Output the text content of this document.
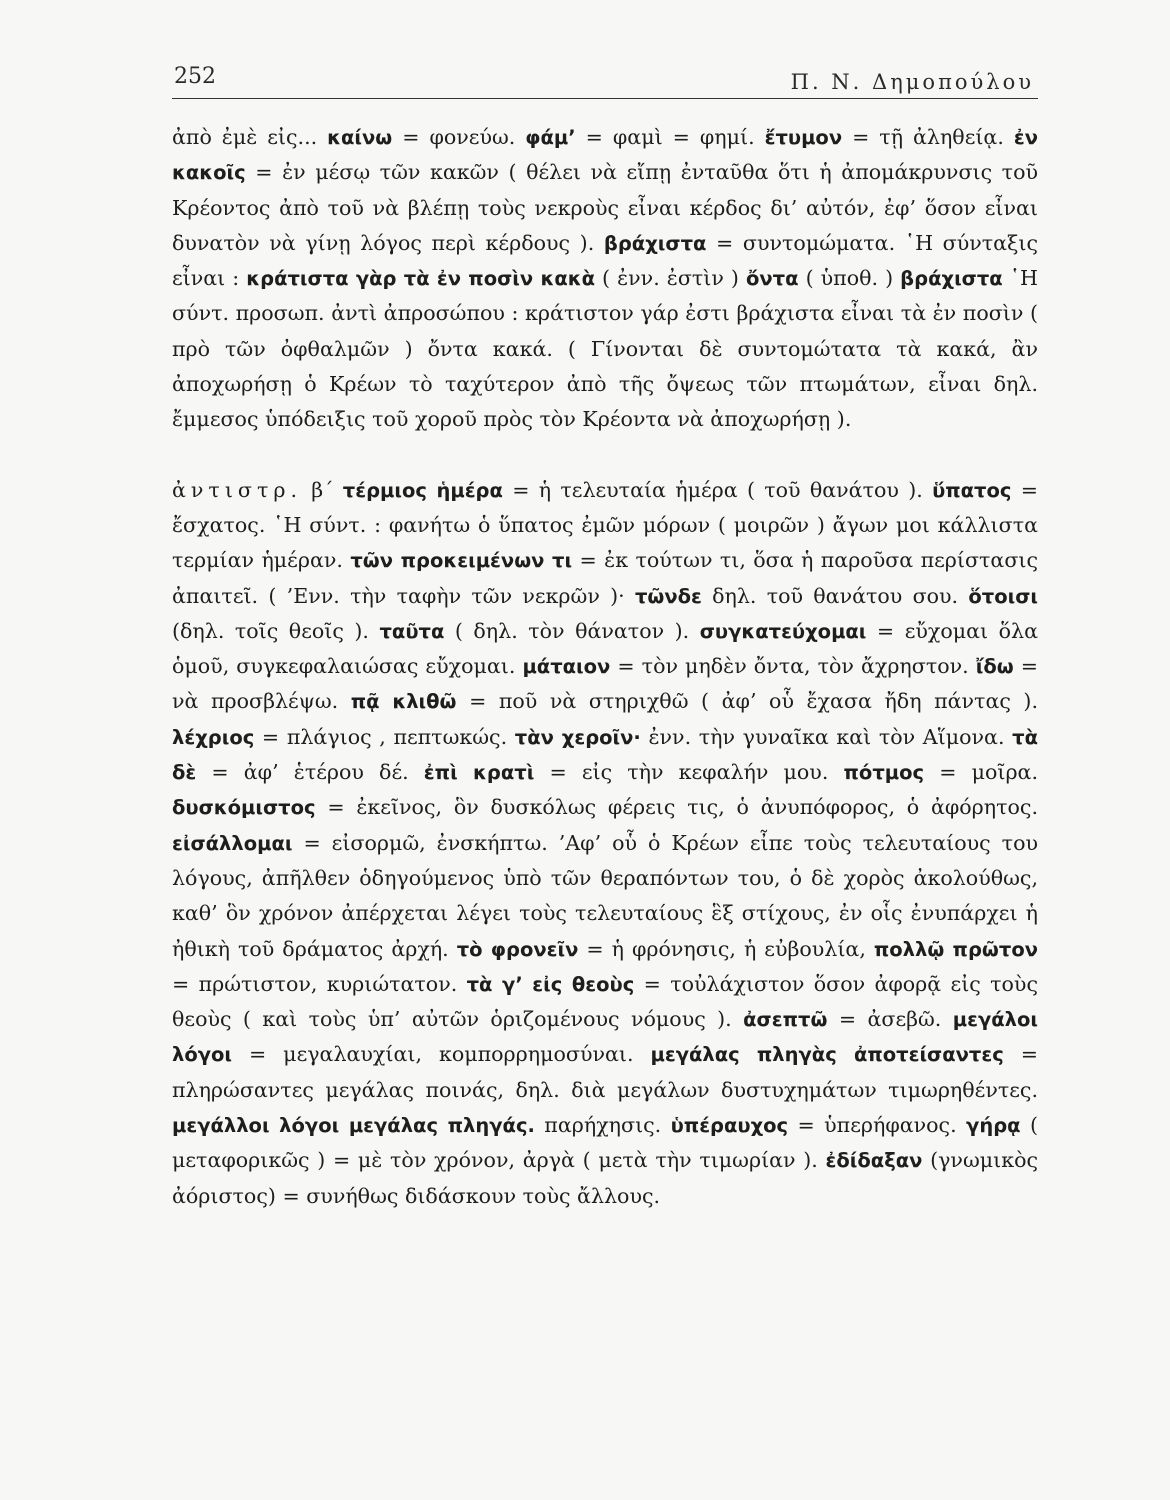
252	Π. Ν. Δημοπούλου

ἀπὸ ἐμὲ εἰς... καίνω = φονεύω. φάμ’ = φαμὶ = φημί. ἔτυμον = τῇ ἀληθείᾳ. ἐν κακοῖς = ἐν μέσῳ τῶν κακῶν ( θέλει νὰ εἴπῃ ἐνταῦθα ὅτι ἡ ἀπομάκρυνσις τοῦ Κρέοντος ἀπὸ τοῦ νὰ βλέπῃ τοὺς νεκροὺς εἶναι κέρδος δι’ αὐτόν, ἐφ’ ὅσον εἶναι δυνατὸν νὰ γίνῃ λόγος περὶ κέρδους ). βράχιστα = συντομώματα. ῾Η σύνταξις εἶναι : κράτιστα γὰρ τὰ ἐν ποσὶν κακὰ ( ἐνν. ἐστὶν ) ὄντα ( ὑποθ. ) βράχιστα ῾Η σύντ. προσωπ. ἀντὶ ἀπροσώπου : κράτιστον γάρ ἐστι βράχιστα εἶναι τὰ ἐν ποσὶν ( πρὸ τῶν ὀφθαλμῶν ) ὄντα κακά. ( Γίνονται δὲ συντομώτατα τὰ κακά, ἂν ἀποχωρήσῃ ὁ Κρέων τὸ ταχύτερον ἀπὸ τῆς ὄψεως τῶν πτωμάτων, εἶναι δηλ. ἔμμεσος ὑπόδειξις τοῦ χοροῦ πρὸς τὸν Κρέοντα νὰ ἀποχωρήσῃ ).

ἀντιστρ. β΄ τέρμιος ἡμέρα = ἡ τελευταία ἡμέρα ( τοῦ θανάτου ). ὕπατος = ἔσχατος. ῾Η σύντ. : φανήτω ὁ ὕπατος ἐμῶν μόρων ( μοιρῶν ) ἄγων μοι κάλλιστα τερμίαν ἡμέραν. τῶν προκειμένων τι = ἐκ τούτων τι, ὅσα ἡ παροῦσα περίστασις ἀπαιτεῖ. ( ’Ενν. τὴν ταφὴν τῶν νεκρῶν )· τῶνδε δηλ. τοῦ θανάτου σου. ὅτοισι (δηλ. τοῖς θεοῖς ). ταῦτα ( δηλ. τὸν θάνατον ). συγκατεύχομαι = εὔχομαι ὅλα ὁμοῦ, συγκεφαλαιώσας εὔχομαι. μάταιον = τὸν μηδὲν ὄντα, τὸν ἄχρηστον. ἴδω = νὰ προσβλέψω. πᾷ κλιθῶ = ποῦ νὰ στηριχθῶ ( ἀφ’ οὗ ἔχασα ἤδη πάντας ). λέχριος = πλάγιος , πεπτωκώς. τὰν χεροῖν· ἐνν. τὴν γυναῖκα καὶ τὸν Αἵμονα. τὰ δὲ = ἀφ’ ἑτέρου δέ. ἐπὶ κρατὶ = εἰς τὴν κεφαλήν μου. πότμος = μοῖρα. δυσκόμιστος = ἐκεῖνος, ὃν δυσκόλως φέρεις τις, ὁ ἀνυπόφορος, ὁ ἀφόρητος. εἰσάλλομαι = εἰσορμῶ, ἐνσκήπτω. ’Αφ’ οὗ ὁ Κρέων εἶπε τοὺς τελευταίους του λόγους, ἀπῆλθεν ὁδηγούμενος ὑπὸ τῶν θεραπόντων του, ὁ δὲ χορὸς ἀκολούθως, καθ’ ὃν χρόνον ἀπέρχεται λέγει τοὺς τελευταίους ἓξ στίχους, ἐν οἷς ἐνυπάρχει ἡ ἠθικὴ τοῦ δράματος ἀρχή. τὸ φρονεῖν = ἡ φρόνησις, ἡ εὐβουλία, πολλῷ πρῶτον = πρώτιστον, κυριώτατον. τὰ γ’ εἰς θεοὺς = τοὐλάχιστον ὅσον ἀφορᾷ εἰς τοὺς θεοὺς ( καὶ τοὺς ὑπ’ αὐτῶν ὁριζομένους νόμους ). ἀσεπτῶ = ἀσεβῶ. μεγάλοι λόγοι = μεγαλαυχίαι, κομπορρημοσύναι. μεγάλας πληγὰς ἀποτείσαντες = πληρώσαντες μεγάλας ποινάς, δηλ. διὰ μεγάλων δυστυχημάτων τιμωρηθέντες. μεγάλλοι λόγοι μεγάλας πληγάς. παρήχησις. ὑπέραυχος = ὑπερήφανος. γήρᾳ ( μεταφορικῶς ) = μὲ τὸν χρόνον, ἀργὰ ( μετὰ τὴν τιμωρίαν ). ἐδίδαξαν (γνωμικὸς ἀόριστος) = συνήθως διδάσκουν τοὺς ἄλλους.
